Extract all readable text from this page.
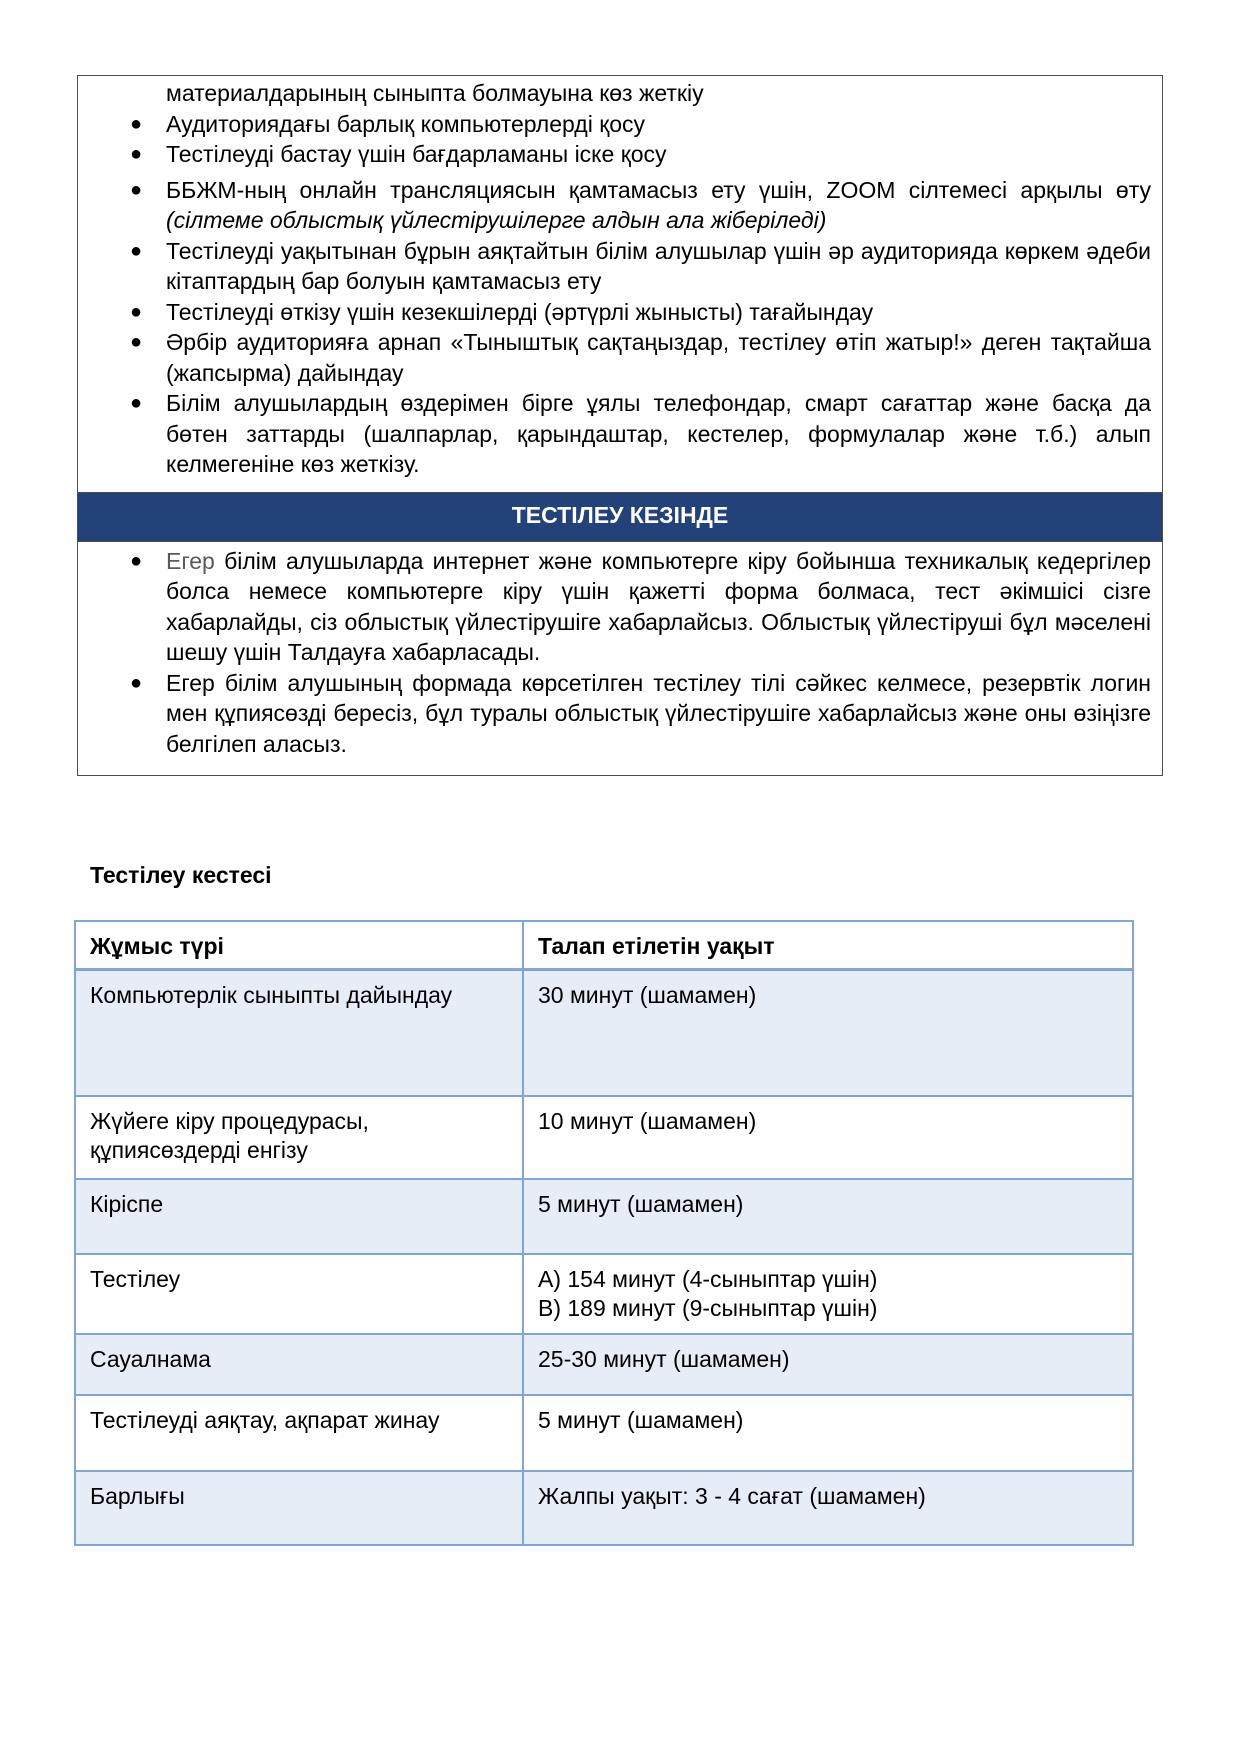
материалдарының сыныпта болмауына көз жеткіу
● Аудиториядағы барлық компьютерлерді қосу
● Тестілеуді бастау үшін бағдарламаны іске қосу
● ББЖМ-ның онлайн трансляциясын қамтамасыз ету үшін, ZOOM сілтемесі арқылы өту (сілтеме облыстық үйлестірушілерге алдын ала жіберіледі)
● Тестілеуді уақытынан бұрын аяқтайтын білім алушылар үшін әр аудиторияда көркем әдеби кітаптардың бар болуын қамтамасыз ету
● Тестілеуді өткізу үшін кезекшілерді (әртүрлі жынысты) тағайындау
● Әрбір аудиторияға арнап «Тыныштық сақтаңыздар, тестілеу өтіп жатыр!» деген тақтайша (жапсырма) дайындау
● Білім алушылардың өздерімен бірге ұялы телефондар, смарт сағаттар және басқа да бөтен заттарды (шалпарлар, қарындаштар, кестелер, формулалар және т.б.) алып келмегеніне көз жеткізу.
ТЕСТІЛЕУ КЕЗІНДЕ
● Егер білім алушыларда интернет және компьютерге кіру бойынша техникалық кедергілер болса немесе компьютерге кіру үшін қажетті форма болмаса, тест әкімшісі сізге хабарлайды, сіз облыстық үйлестірушіге хабарлайсыз. Облыстық үйлестіруші бұл мәселені шешу үшін Талдауға хабарласады.
● Егер білім алушының формада көрсетілген тестілеу тілі сәйкес келмесе, резервтік логин мен құпиясөзді бересіз, бұл туралы облыстық үйлестірушіге хабарлайсыз және оны өзіңізге белгілеп аласыз.
Тестілеу кестесі
Жұмыс түрі	Талап етілетін уақыт
Компьютерлік сыныпты дайындау	30 минут (шамамен)

Жүйеге кіру процедурасы, құпиясөздерді енгізу	10 минут (шамамен)

Кіріспе	5 минут (шамамен)

Тестілеу	A) 154 минут (4-сыныптар үшін)
B) 189 минут (9-сыныптар үшін)

Сауалнама	25-30 минут (шамамен)

Тестілеуді аяқтау, ақпарат жинау	5 минут (шамамен)

Барлығы	Жалпы уақыт: 3 - 4 сағат (шамамен)
